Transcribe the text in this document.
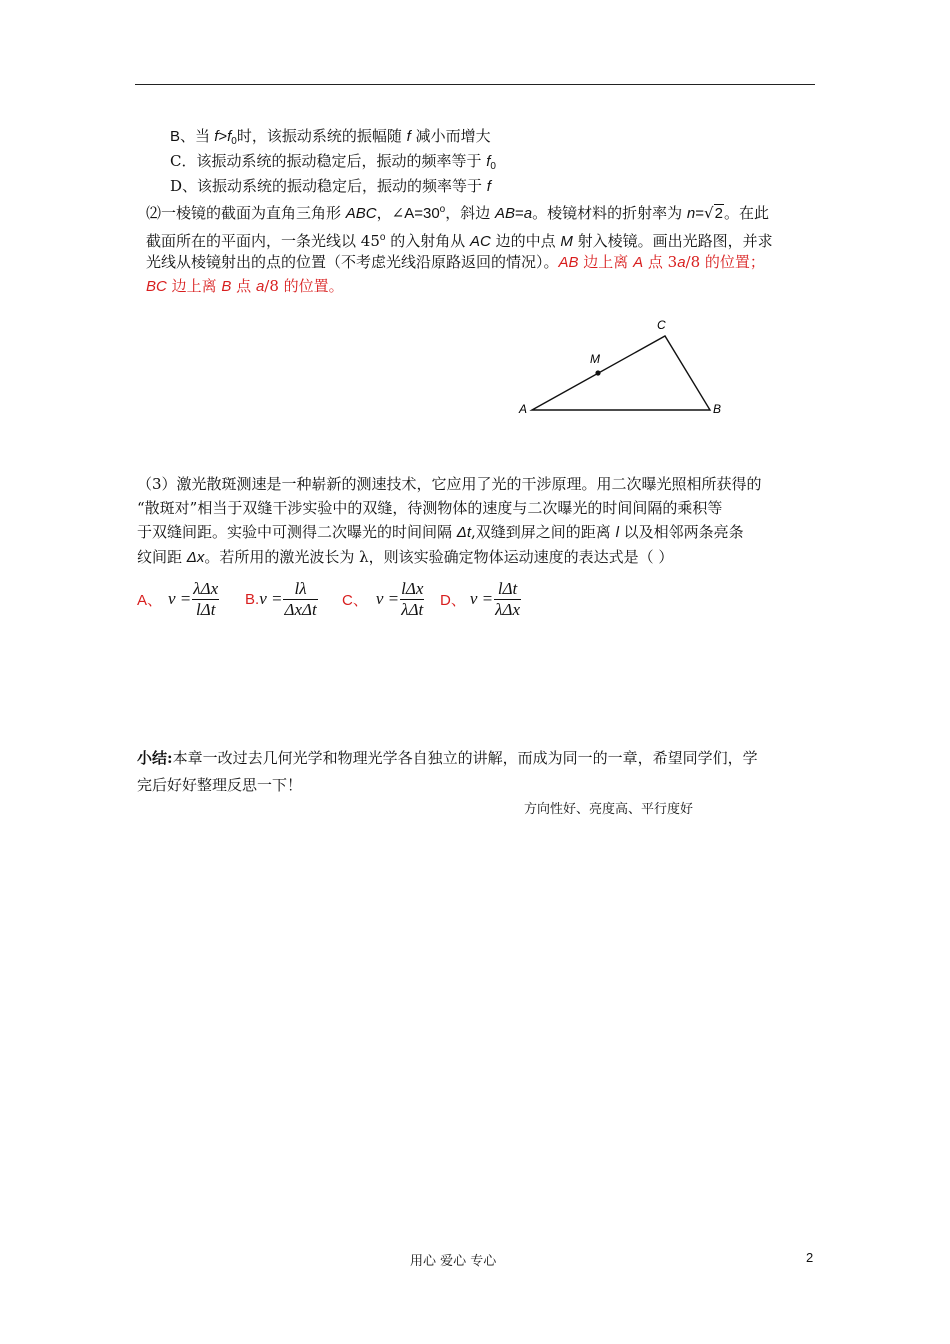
B、当 $f>f_0$时，该振动系统的振幅随 f 减小而增大
C．该振动系统的振动稳定后，振动的频率等于 $f_0$
D、该振动系统的振动稳定后，振动的频率等于 f
⑵一棱镜的截面为直角三角形 ABC，$\angle A=30^o$，斜边 AB=a。棱镜材料的折射率为 n=√2。在此
截面所在的平面内，一条光线以 45$^o$ 的入射角从 AC 边的中点 M 射入棱镜。画出光路图，并求
光线从棱镜射出的点的位置（不考虑光线沿原路返回的情况）。AB 边上离 A 点 3a/8 的位置；
BC 边上离 B 点 a/8 的位置。
A	B
C
M
（3）激光散斑测速是一种崭新的测速技术，它应用了光的干涉原理。用二次曝光照相所获得的
“散斑对”相当于双缝干涉实验中的双缝，待测物体的速度与二次曝光的时间间隔的乘积等
于双缝间距。实验中可测得二次曝光的时间间隔 Δt,双缝到屏之间的距离 l 以及相邻两条亮条
纹间距 Δx。若所用的激光波长为 λ，则该实验确定物体运动速度的表达式是（ ）
A、 $v = \frac{\text{λΔx}}{\text{lΔt}} B$. $v = \frac{l\lambda}{\text{ΔxΔt}}$ C、 $v = \frac{\text{lΔx}}{\text{λΔt}}$ D、 $v = \frac{\text{lΔt}}{\text{λΔx}}$
小结:本章一改过去几何光学和物理光学各自独立的讲解，而成为同一的一章，希望同学们，学
完后好好整理反思一下！
方向性好、亮度高、平行度好
用心 爱心 专心	2
